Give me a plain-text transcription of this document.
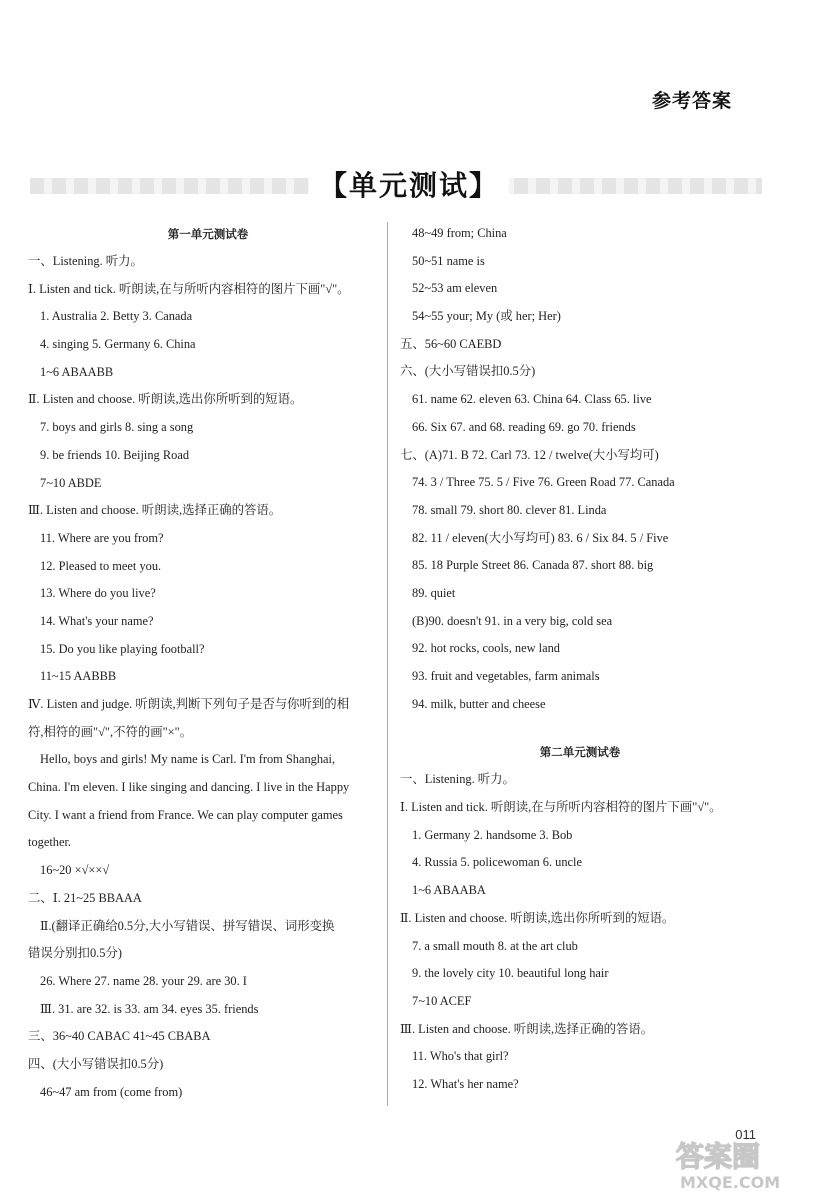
参考答案
【单元测试】
第一单元测试卷
一、Listening. 听力。
Ⅰ. Listen and tick. 听朗读,在与所听内容相符的图片下画"√"。
1. Australia 2. Betty 3. Canada
4. singing 5. Germany 6. China
1~6 ABAABB
Ⅱ. Listen and choose. 听朗读,选出你所听到的短语。
7. boys and girls 8. sing a song
9. be friends 10. Beijing Road
7~10 ABDE
Ⅲ. Listen and choose. 听朗读,选择正确的答语。
11. Where are you from?
12. Pleased to meet you.
13. Where do you live?
14. What's your name?
15. Do you like playing football?
11~15 AABBB
Ⅳ. Listen and judge. 听朗读,判断下列句子是否与你听到的相
符,相符的画"√",不符的画"×"。
Hello, boys and girls! My name is Carl. I'm from Shanghai,
China. I'm eleven. I like singing and dancing. I live in the Happy
City. I want a friend from France. We can play computer games
together.
16~20 ×√××√
二、Ⅰ. 21~25 BBAAA
Ⅱ.(翻译正确给0.5分,大小写错误、拼写错误、词形变换
错误分别扣0.5分)
26. Where 27. name 28. your 29. are 30. I
Ⅲ. 31. are 32. is 33. am 34. eyes 35. friends
三、36~40 CABAC 41~45 CBABA
四、(大小写错误扣0.5分)
46~47 am from (come from)
48~49 from; China
50~51 name is
52~53 am eleven
54~55 your; My (或 her; Her)
五、56~60 CAEBD
六、(大小写错误扣0.5分)
61. name 62. eleven 63. China 64. Class 65. live
66. Six 67. and 68. reading 69. go 70. friends
七、(A)71. B 72. Carl 73. 12 / twelve(大小写均可)
74. 3 / Three 75. 5 / Five 76. Green Road 77. Canada
78. small 79. short 80. clever 81. Linda
82. 11 / eleven(大小写均可) 83. 6 / Six 84. 5 / Five
85. 18 Purple Street 86. Canada 87. short 88. big
89. quiet
(B)90. doesn't 91. in a very big, cold sea
92. hot rocks, cools, new land
93. fruit and vegetables, farm animals
94. milk, butter and cheese
第二单元测试卷
一、Listening. 听力。
Ⅰ. Listen and tick. 听朗读,在与所听内容相符的图片下画"√"。
1. Germany 2. handsome 3. Bob
4. Russia 5. policewoman 6. uncle
1~6 ABAABA
Ⅱ. Listen and choose. 听朗读,选出你所听到的短语。
7. a small mouth 8. at the art club
9. the lovely city 10. beautiful long hair
7~10 ACEF
Ⅲ. Listen and choose. 听朗读,选择正确的答语。
11. Who's that girl?
12. What's her name?
011
答案圈
MXQE.COM
